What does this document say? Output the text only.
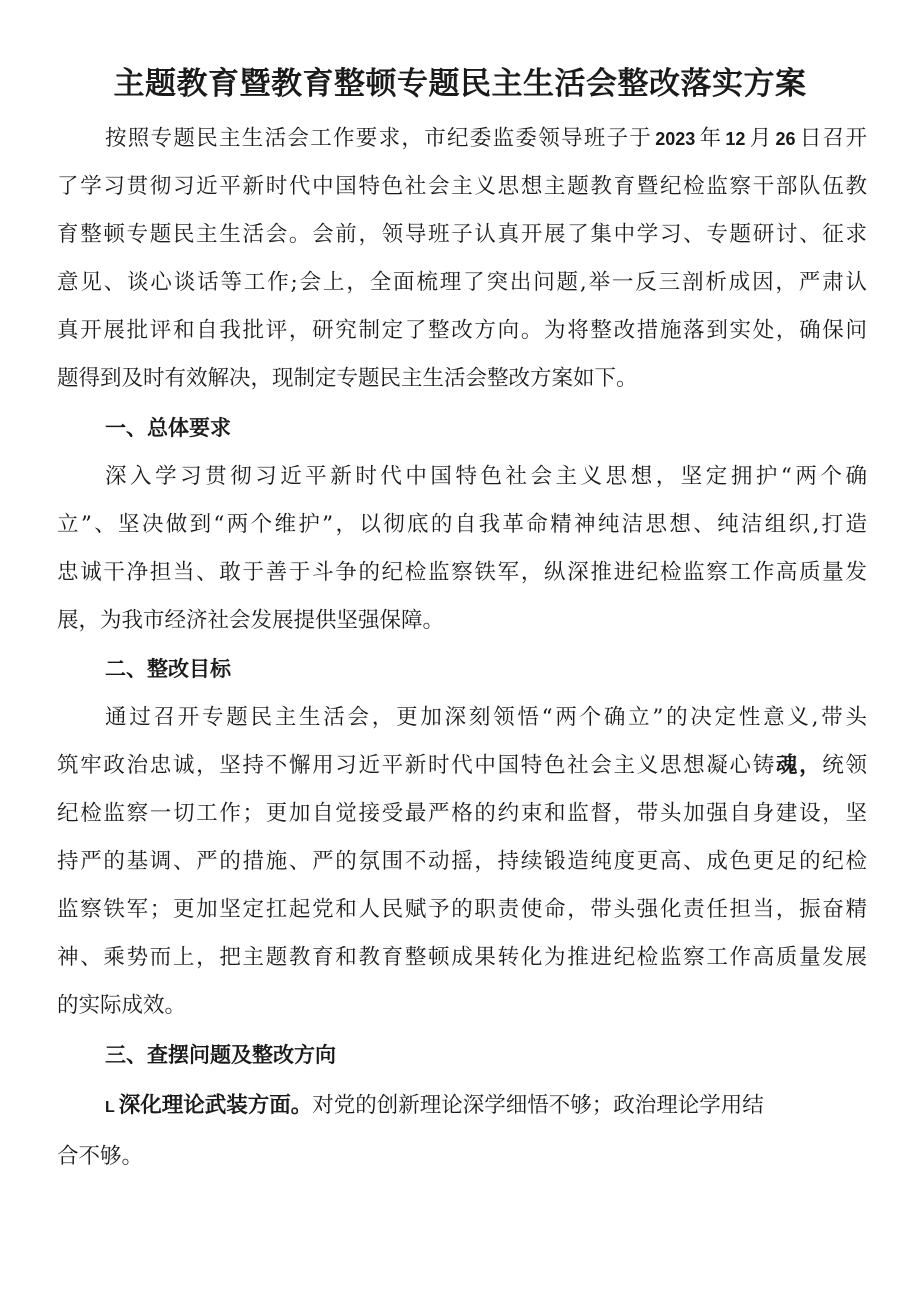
主题教育暨教育整顿专题民主生活会整改落实方案
按照专题民主生活会工作要求，市纪委监委领导班子于 2023 年 12 月 26 日召开
了学习贯彻习近平新时代中国特色社会主义思想主题教育暨纪检监察干部队伍教
育整顿专题民主生活会。会前，领导班子认真开展了集中学习、专题研讨、征求
意见、谈心谈话等工作;会上，全面梳理了突出问题,举一反三剖析成因，严肃认
真开展批评和自我批评，研究制定了整改方向。为将整改措施落到实处，确保问
题得到及时有效解决，现制定专题民主生活会整改方案如下。
一、总体要求
深入学习贯彻习近平新时代中国特色社会主义思想，坚定拥护“两个确
立”、坚决做到“两个维护”，以彻底的自我革命精神纯洁思想、纯洁组织,打造
忠诚干净担当、敢于善于斗争的纪检监察铁军，纵深推进纪检监察工作高质量发
展，为我市经济社会发展提供坚强保障。
二、整改目标
通过召开专题民主生活会，更加深刻领悟“两个确立”的决定性意义,带头
筑牢政治忠诚，坚持不懈用习近平新时代中国特色社会主义思想凝心铸魂，统领
纪检监察一切工作；更加自觉接受最严格的约束和监督，带头加强自身建设，坚
持严的基调、严的措施、严的氛围不动摇，持续锻造纯度更高、成色更足的纪检
监察铁军；更加坚定扛起党和人民赋予的职责使命，带头强化责任担当，振奋精
神、乘势而上，把主题教育和教育整顿成果转化为推进纪检监察工作高质量发展
的实际成效。
三、查摆问题及整改方向
L 深化理论武装方面。对党的创新理论深学细悟不够；政治理论学用结
合不够。
